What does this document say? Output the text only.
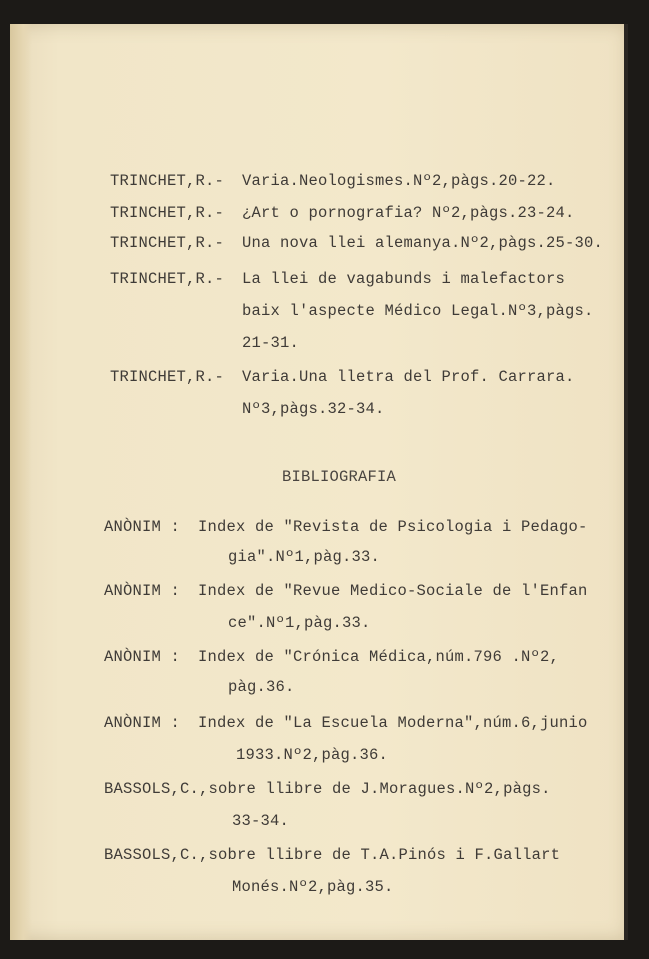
TRINCHET,R.- Varia.Neologismes.Nº2,pàgs.20-22.
TRINCHET,R.- ¿Art o pornografia? Nº2,pàgs.23-24.
TRINCHET,R.- Una nova llei alemanya.Nº2,pàgs.25-30.
TRINCHET,R.- La llei de vagabunds i malefactors
baix l'aspecte Médico Legal.Nº3,pàgs.
21-31.
TRINCHET,R.- Varia.Una lletra del Prof. Carrara.
Nº3,pàgs.32-34.
BIBLIOGRAFIA
ANÒNIM : Index de "Revista de Psicologia i Pedago-
gia".Nº1,pàg.33.
ANÒNIM : Index de "Revue Medico-Sociale de l'Enfan
ce".Nº1,pàg.33.
ANÒNIM : Index de "Crónica Médica,núm.796 .Nº2,
pàg.36.
ANÒNIM : Index de "La Escuela Moderna",núm.6,junio
1933.Nº2,pàg.36.
BASSOLS,C.,sobre llibre de J.Moragues.Nº2,pàgs.
33-34.
BASSOLS,C.,sobre llibre de T.A.Pinós i F.Gallart
Monés.Nº2,pàg.35.
